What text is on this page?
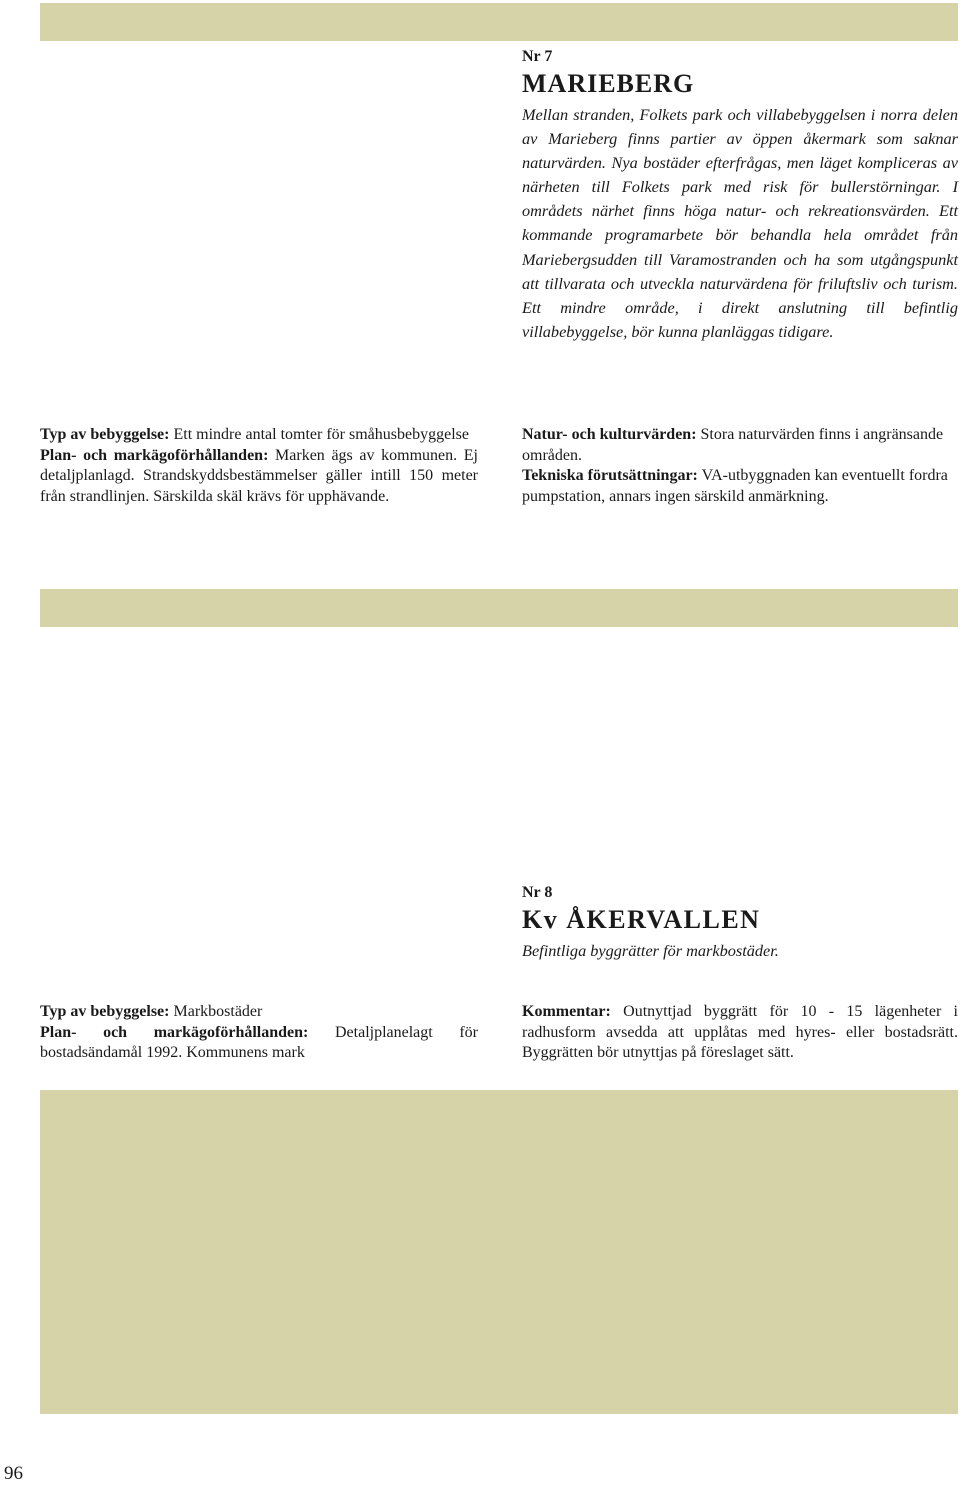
Nr 7

MARIEBERG

Mellan stranden, Folkets park och villabebyggelsen i norra delen av Marieberg finns partier av öppen åkermark som saknar naturvärden. Nya bostäder efterfrågas, men läget kompliceras av närheten till Folkets park med risk för bullerstörningar. I områdets närhet finns höga natur- och rekreationsvärden. Ett kommande programarbete bör behandla hela området från Mariebergsudden till Varamostranden och ha som utgångspunkt att tillvarata och utveckla naturvärdena för friluftsliv och turism. Ett mindre område, i direkt anslutning till befintlig villabebyggelse, bör kunna planläggas tidigare.

Typ av bebyggelse: Ett mindre antal tomter för småhusbebyggelse

Plan- och markägoförhållanden: Marken ägs av kommunen. Ej detaljplanlagd. Strandskyddsbestämmelser gäller intill 150 meter från strandlinjen. Särskilda skäl krävs för upphävande.

Natur- och kulturvärden: Stora naturvärden finns i angränsande områden.

Tekniska förutsättningar: VA-utbyggnaden kan eventuellt fordra pumpstation, annars ingen särskild anmärkning.

Nr 8

Kv ÅKERVALLEN

Befintliga byggrätter för markbostäder.

Typ av bebyggelse: Markbostäder

Plan- och markägoförhållanden: Detaljplanelagt för bostadsändamål 1992. Kommunens mark

Kommentar: Outnyttjad byggrätt för 10 - 15 lägenheter i radhusform avsedda att upplåtas med hyres- eller bostadsrätt. Byggrätten bör utnyttjas på föreslaget sätt.

96
